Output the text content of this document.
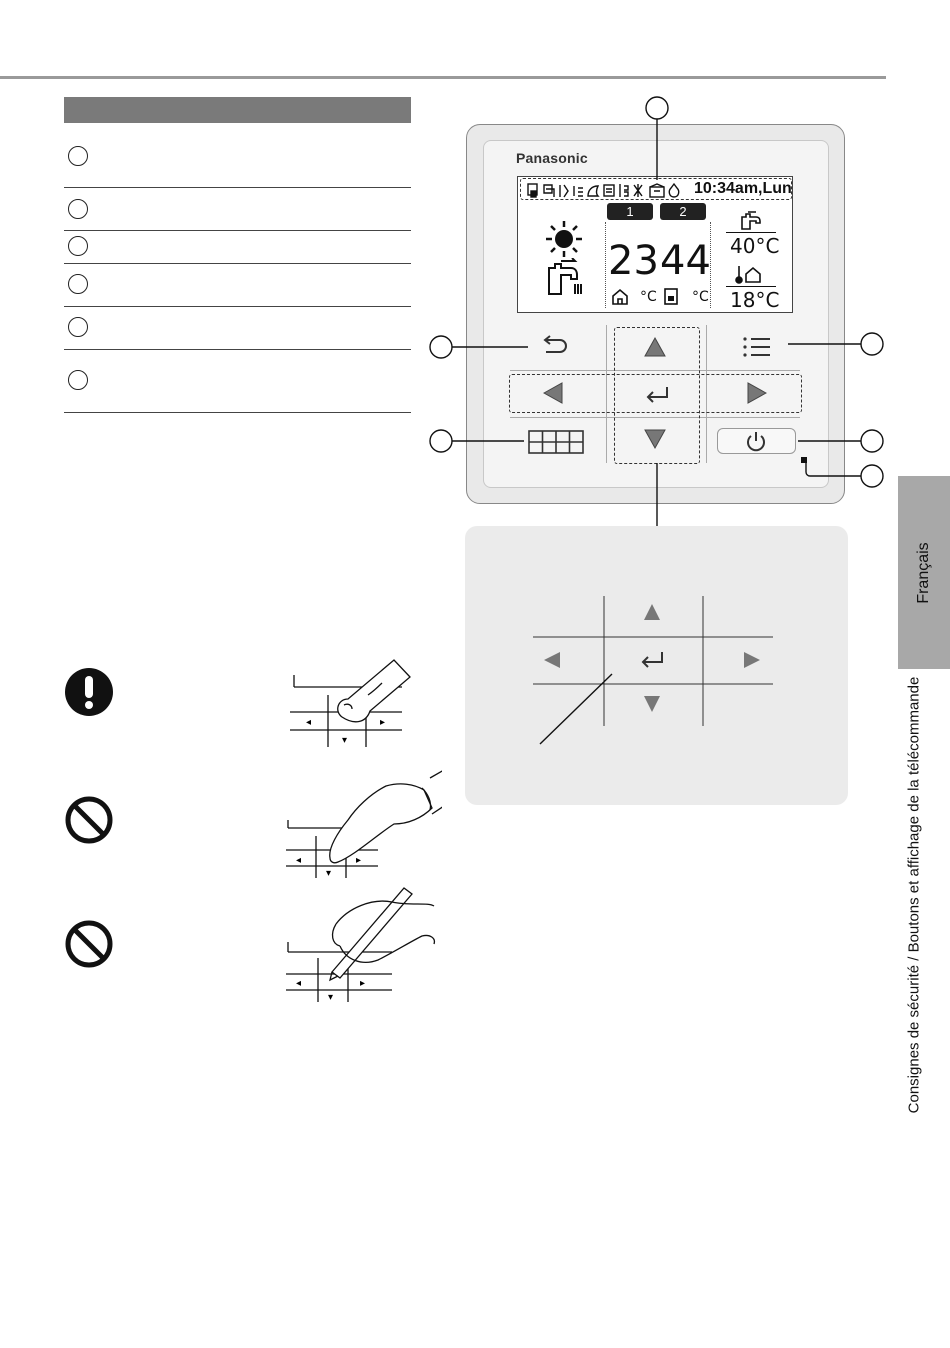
◂	▸
▾
◂	▸
▾
◂	▸
▾
Panasonic
10:34am,Lun
1	2
23 44
°C	°C
40°C
18°C
Français
Consignes de sécurité / Boutons et affichage de la télécommande
